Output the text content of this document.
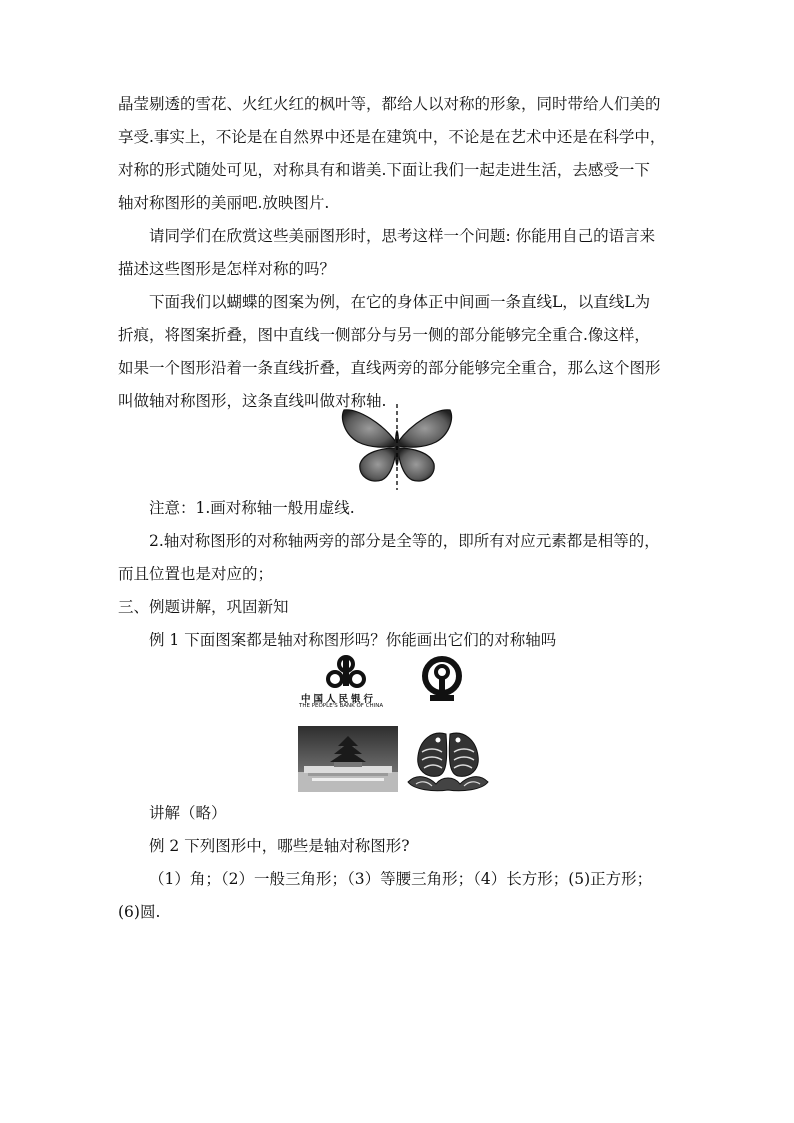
晶莹剔透的雪花、火红火红的枫叶等，都给人以对称的形象，同时带给人们美的
享受.事实上，不论是在自然界中还是在建筑中，不论是在艺术中还是在科学中，
对称的形式随处可见，对称具有和谐美.下面让我们一起走进生活，去感受一下
轴对称图形的美丽吧.放映图片.
请同学们在欣赏这些美丽图形时，思考这样一个问题: 你能用自己的语言来
描述这些图形是怎样对称的吗？
下面我们以蝴蝶的图案为例，在它的身体正中间画一条直线L，以直线L为
折痕，将图案折叠，图中直线一侧部分与另一侧的部分能够完全重合.像这样，
如果一个图形沿着一条直线折叠，直线两旁的部分能够完全重合，那么这个图形
叫做轴对称图形，这条直线叫做对称轴.
注意：1.画对称轴一般用虚线.
2.轴对称图形的对称轴两旁的部分是全等的，即所有对应元素都是相等的，
而且位置也是对应的；
三、例题讲解，巩固新知
例 1 下面图案都是轴对称图形吗？你能画出它们的对称轴吗
中国人民银行
THE PEOPLE'S BANK OF CHINA
讲解（略）
例 2 下列图形中，哪些是轴对称图形?
（1）角；（2）一般三角形；（3）等腰三角形；（4）长方形；(5)正方形；
(6)圆.
